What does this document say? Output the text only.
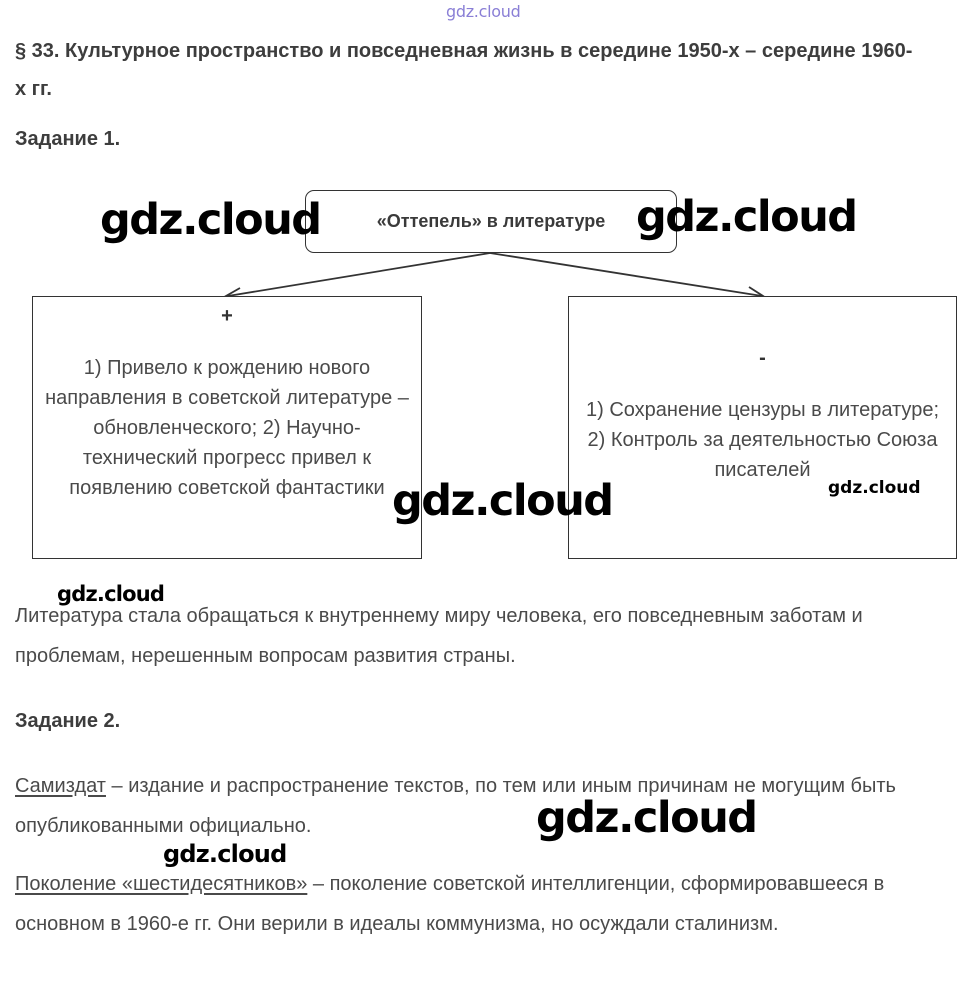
gdz.cloud
§ 33. Культурное пространство и повседневная жизнь в середине 1950-х – середине 1960-х гг.
Задание 1.
«Оттепель» в литературе
+
1) Привело к рождению нового направления в советской литературе – обновленческого; 2) Научно-технический прогресс привел к появлению советской фантастики
-
1) Сохранение цензуры в литературе; 2) Контроль за деятельностью Союза писателей
Литература стала обращаться к внутреннему миру человека, его повседневным заботам и проблемам, нерешенным вопросам развития страны.
Задание 2.
Самиздат – издание и распространение текстов, по тем или иным причинам не могущим быть опубликованными официально.
Поколение «шестидесятников» – поколение советской интеллигенции, сформировавшееся в основном в 1960-е гг. Они верили в идеалы коммунизма, но осуждали сталинизм.
gdz.cloud	gdz.cloud
gdz.cloud	gdz.cloud
gdz.cloud
gdz.cloud
gdz.cloud
